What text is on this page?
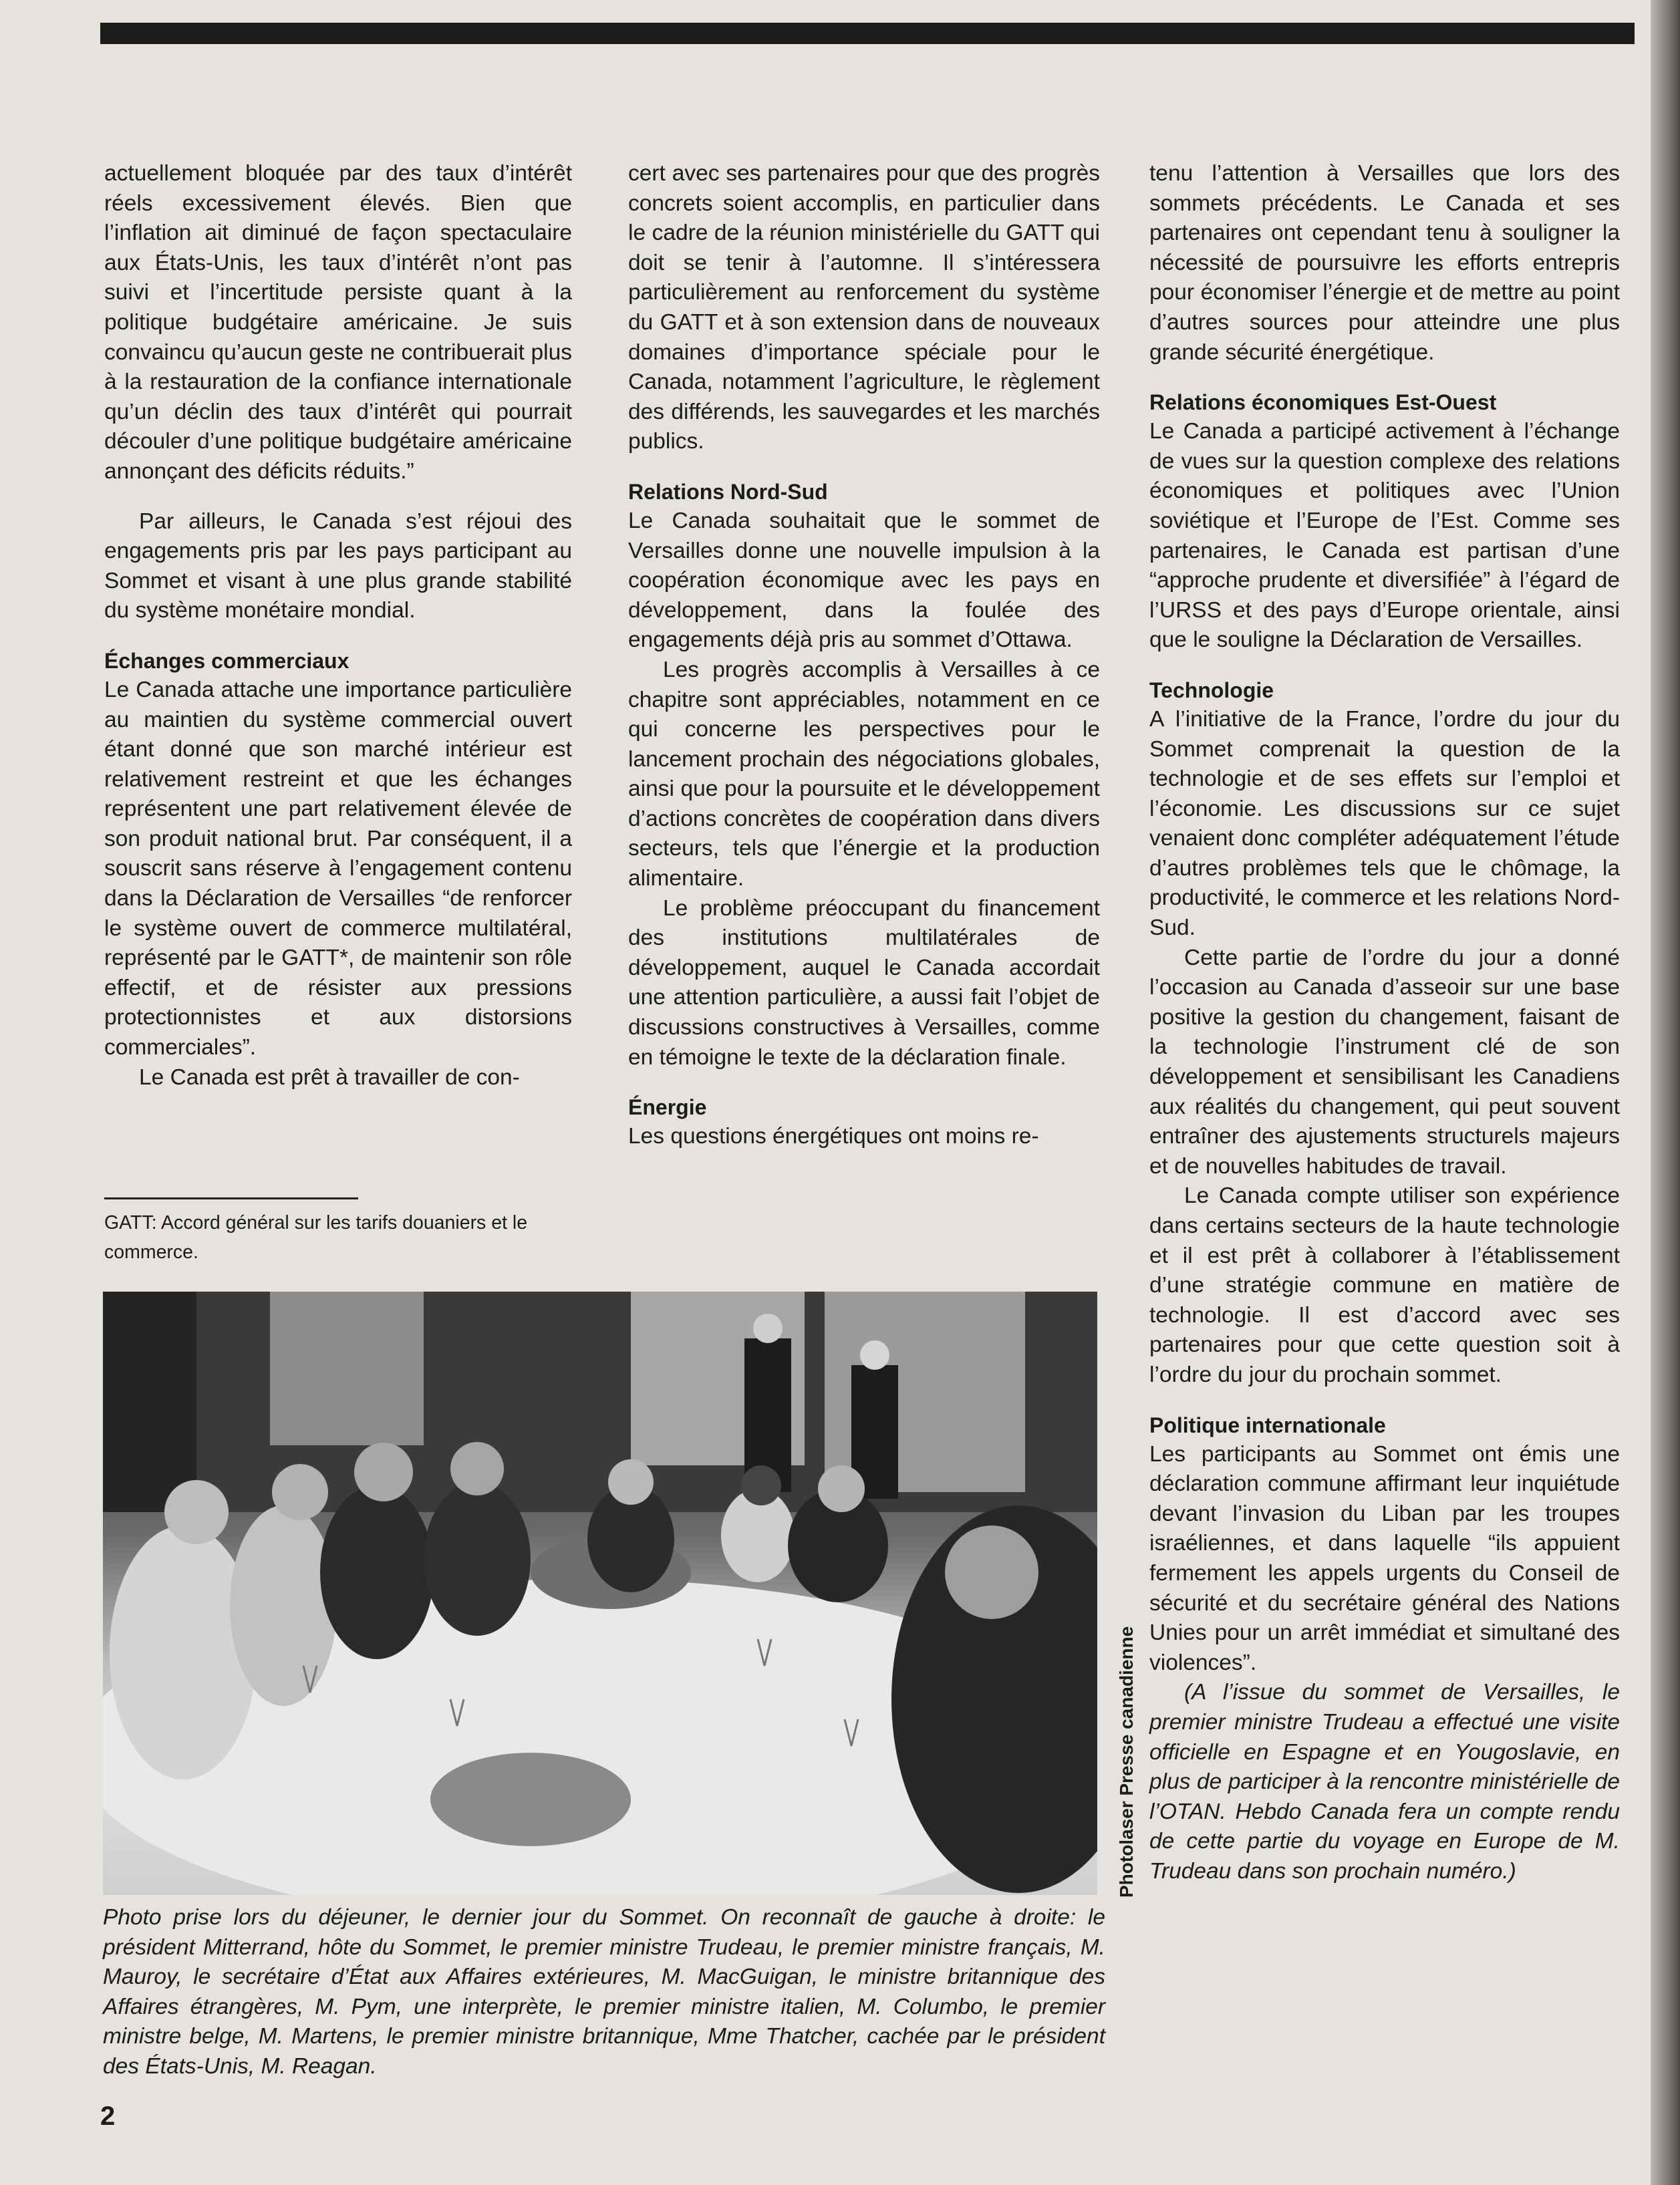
actuellement bloquée par des taux d’intérêt réels excessivement élevés. Bien que l’inflation ait diminué de façon spectaculaire aux États-Unis, les taux d’intérêt n’ont pas suivi et l’incertitude persiste quant à la politique budgétaire américaine. Je suis convaincu qu’aucun geste ne contribuerait plus à la restauration de la confiance internationale qu’un déclin des taux d’intérêt qui pourrait découler d’une politique budgétaire américaine annonçant des déficits réduits.”

Par ailleurs, le Canada s’est réjoui des engagements pris par les pays participant au Sommet et visant à une plus grande stabilité du système monétaire mondial.

Échanges commerciaux

Le Canada attache une importance particulière au maintien du système commercial ouvert étant donné que son marché intérieur est relativement restreint et que les échanges représentent une part relativement élevée de son produit national brut. Par conséquent, il a souscrit sans réserve à l’engagement contenu dans la Déclaration de Versailles “de renforcer le système ouvert de commerce multilatéral, représenté par le GATT*, de maintenir son rôle effectif, et de résister aux pressions protectionnistes et aux distorsions commerciales”.

Le Canada est prêt à travailler de con-

GATT: Accord général sur les tarifs douaniers et le commerce.

cert avec ses partenaires pour que des progrès concrets soient accomplis, en particulier dans le cadre de la réunion ministérielle du GATT qui doit se tenir à l’automne. Il s’intéressera particulièrement au renforcement du système du GATT et à son extension dans de nouveaux domaines d’importance spéciale pour le Canada, notamment l’agriculture, le règlement des différends, les sauvegardes et les marchés publics.

Relations Nord-Sud

Le Canada souhaitait que le sommet de Versailles donne une nouvelle impulsion à la coopération économique avec les pays en développement, dans la foulée des engagements déjà pris au sommet d’Ottawa.

Les progrès accomplis à Versailles à ce chapitre sont appréciables, notamment en ce qui concerne les perspectives pour le lancement prochain des négociations globales, ainsi que pour la poursuite et le développement d’actions concrètes de coopération dans divers secteurs, tels que l’énergie et la production alimentaire.

Le problème préoccupant du financement des institutions multilatérales de développement, auquel le Canada accordait une attention particulière, a aussi fait l’objet de discussions constructives à Versailles, comme en témoigne le texte de la déclaration finale.

Énergie

Les questions énergétiques ont moins re-

tenu l’attention à Versailles que lors des sommets précédents. Le Canada et ses partenaires ont cependant tenu à souligner la nécessité de poursuivre les efforts entrepris pour économiser l’énergie et de mettre au point d’autres sources pour atteindre une plus grande sécurité énergétique.

Relations économiques Est-Ouest

Le Canada a participé activement à l’échange de vues sur la question complexe des relations économiques et politiques avec l’Union soviétique et l’Europe de l’Est. Comme ses partenaires, le Canada est partisan d’une “approche prudente et diversifiée” à l’égard de l’URSS et des pays d’Europe orientale, ainsi que le souligne la Déclaration de Versailles.

Technologie

A l’initiative de la France, l’ordre du jour du Sommet comprenait la question de la technologie et de ses effets sur l’emploi et l’économie. Les discussions sur ce sujet venaient donc compléter adéquatement l’étude d’autres problèmes tels que le chômage, la productivité, le commerce et les relations Nord-Sud.

Cette partie de l’ordre du jour a donné l’occasion au Canada d’asseoir sur une base positive la gestion du changement, faisant de la technologie l’instrument clé de son développement et sensibilisant les Canadiens aux réalités du changement, qui peut souvent entraîner des ajustements structurels majeurs et de nouvelles habitudes de travail.

Le Canada compte utiliser son expérience dans certains secteurs de la haute technologie et il est prêt à collaborer à l’établissement d’une stratégie commune en matière de technologie. Il est d’accord avec ses partenaires pour que cette question soit à l’ordre du jour du prochain sommet.

Politique internationale

Les participants au Sommet ont émis une déclaration commune affirmant leur inquiétude devant l’invasion du Liban par les troupes israéliennes, et dans laquelle “ils appuient fermement les appels urgents du Conseil de sécurité et du secrétaire général des Nations Unies pour un arrêt immédiat et simultané des violences”.

(A l’issue du sommet de Versailles, le premier ministre Trudeau a effectué une visite officielle en Espagne et en Yougoslavie, en plus de participer à la rencontre ministérielle de l’OTAN. Hebdo Canada fera un compte rendu de cette partie du voyage en Europe de M. Trudeau dans son prochain numéro.)

Photolaser Presse canadienne
Photo prise lors du déjeuner, le dernier jour du Sommet. On reconnaît de gauche à droite: le président Mitterrand, hôte du Sommet, le premier ministre Trudeau, le premier ministre français, M. Mauroy, le secrétaire d’État aux Affaires extérieures, M. MacGuigan, le ministre britannique des Affaires étrangères, M. Pym, une interprète, le premier ministre italien, M. Columbo, le premier ministre belge, M. Martens, le premier ministre britannique, Mme Thatcher, cachée par le président des États-Unis, M. Reagan.
2
